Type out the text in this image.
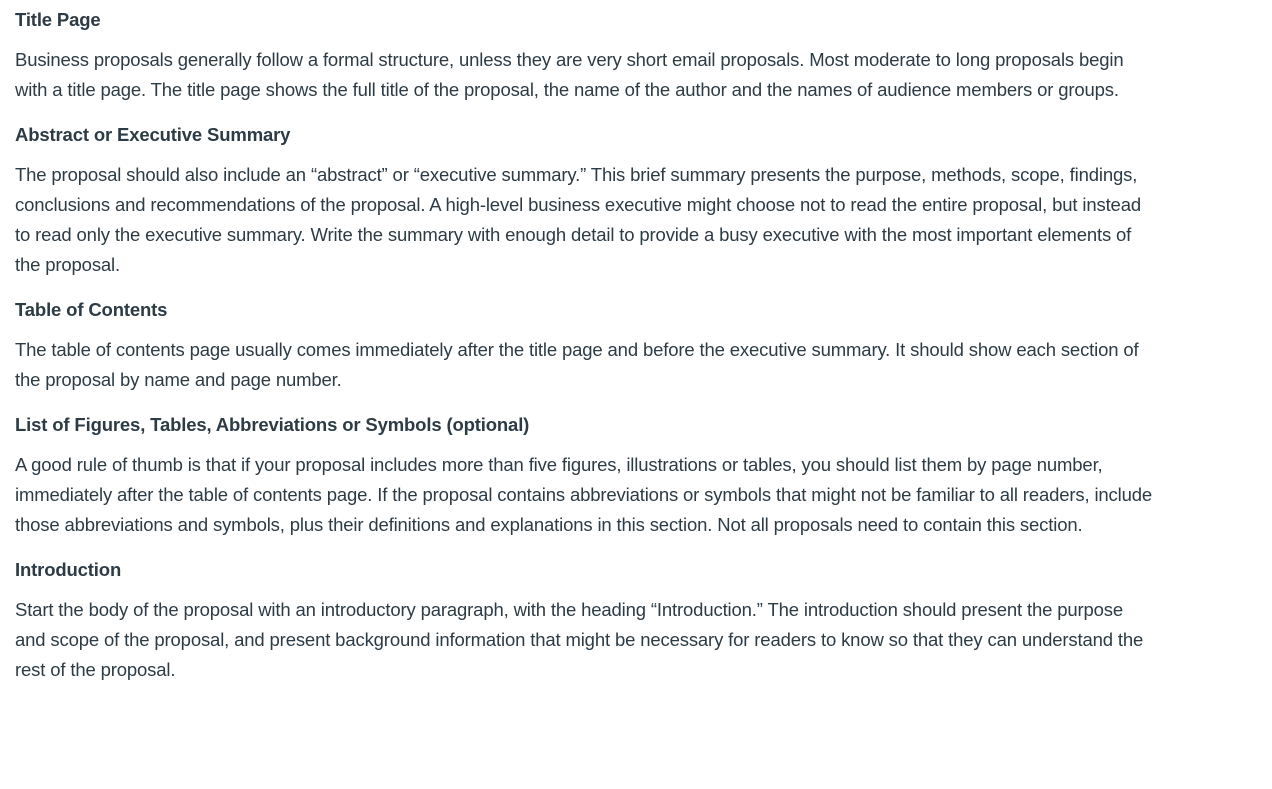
Title Page

Business proposals generally follow a formal structure, unless they are very short email proposals. Most moderate to long proposals begin with a title page. The title page shows the full title of the proposal, the name of the author and the names of audience members or groups.

Abstract or Executive Summary

The proposal should also include an “abstract” or “executive summary.” This brief summary presents the purpose, methods, scope, findings, conclusions and recommendations of the proposal. A high-level business executive might choose not to read the entire proposal, but instead to read only the executive summary. Write the summary with enough detail to provide a busy executive with the most important elements of the proposal.

Table of Contents

The table of contents page usually comes immediately after the title page and before the executive summary. It should show each section of the proposal by name and page number.

List of Figures, Tables, Abbreviations or Symbols (optional)

A good rule of thumb is that if your proposal includes more than five figures, illustrations or tables, you should list them by page number, immediately after the table of contents page. If the proposal contains abbreviations or symbols that might not be familiar to all readers, include those abbreviations and symbols, plus their definitions and explanations in this section. Not all proposals need to contain this section.

Introduction

Start the body of the proposal with an introductory paragraph, with the heading “Introduction.” The introduction should present the purpose and scope of the proposal, and present background information that might be necessary for readers to know so that they can understand the rest of the proposal.
